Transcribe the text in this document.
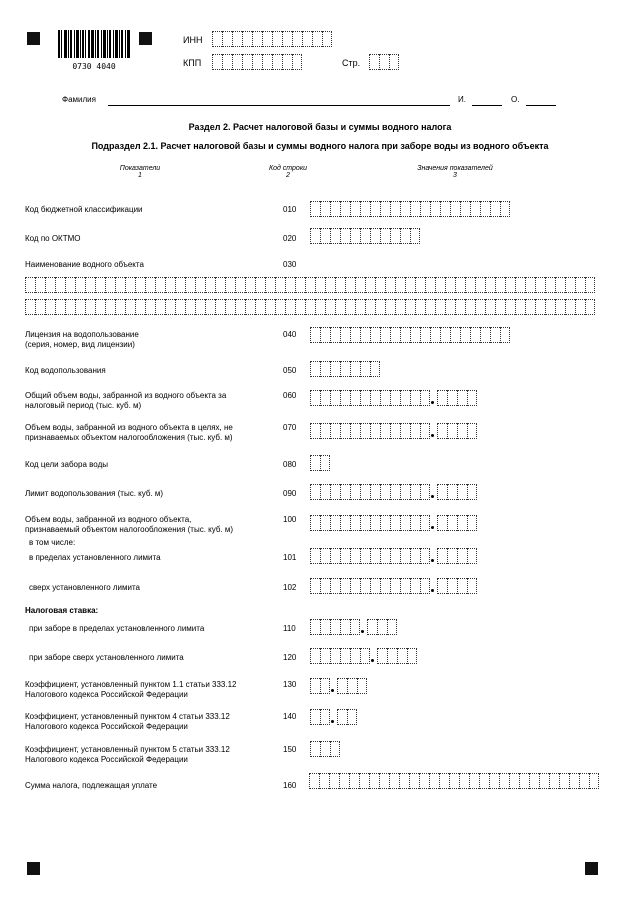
0730 4040
ИНН
КПП	Стр.
Фамилия	И.	О.
Раздел 2. Расчет налоговой базы и суммы водного налога
Подраздел 2.1. Расчет налоговой базы и суммы водного налога при заборе воды из водного объекта
Показатели
1
Код строки
2
Значения показателей
3
Код бюджетной классификации	010
Код по ОКТМО	020
Наименование водного объекта	030
Лицензия на водопользование
(серия, номер, вид лицензии)
040
Код водопользования	050
Общий объем воды, забранной из водного объекта за
налоговый период (тыс. куб. м)
060
Объем воды, забранной из водного объекта в целях, не
признаваемых объектом налогообложения (тыс. куб. м)
070
Код цели забора воды	080
Лимит водопользования (тыс. куб. м)	090
Объем воды, забранной из водного объекта,
признаваемый объектом налогообложения (тыс. куб. м)
100
в том числе:
в пределах установленного лимита	101
сверх установленного лимита	102
Налоговая ставка:
при заборе в пределах установленного лимита	110
при заборе сверх установленного лимита	120
Коэффициент, установленный пунктом 1.1 статьи 333.12
Налогового кодекса Российской Федерации
130
Коэффициент, установленный пунктом 4 статьи 333.12
Налогового кодекса Российской Федерации
140
Коэффициент, установленный пунктом 5 статьи 333.12
Налогового кодекса Российской Федерации
150
Сумма налога, подлежащая уплате	160
